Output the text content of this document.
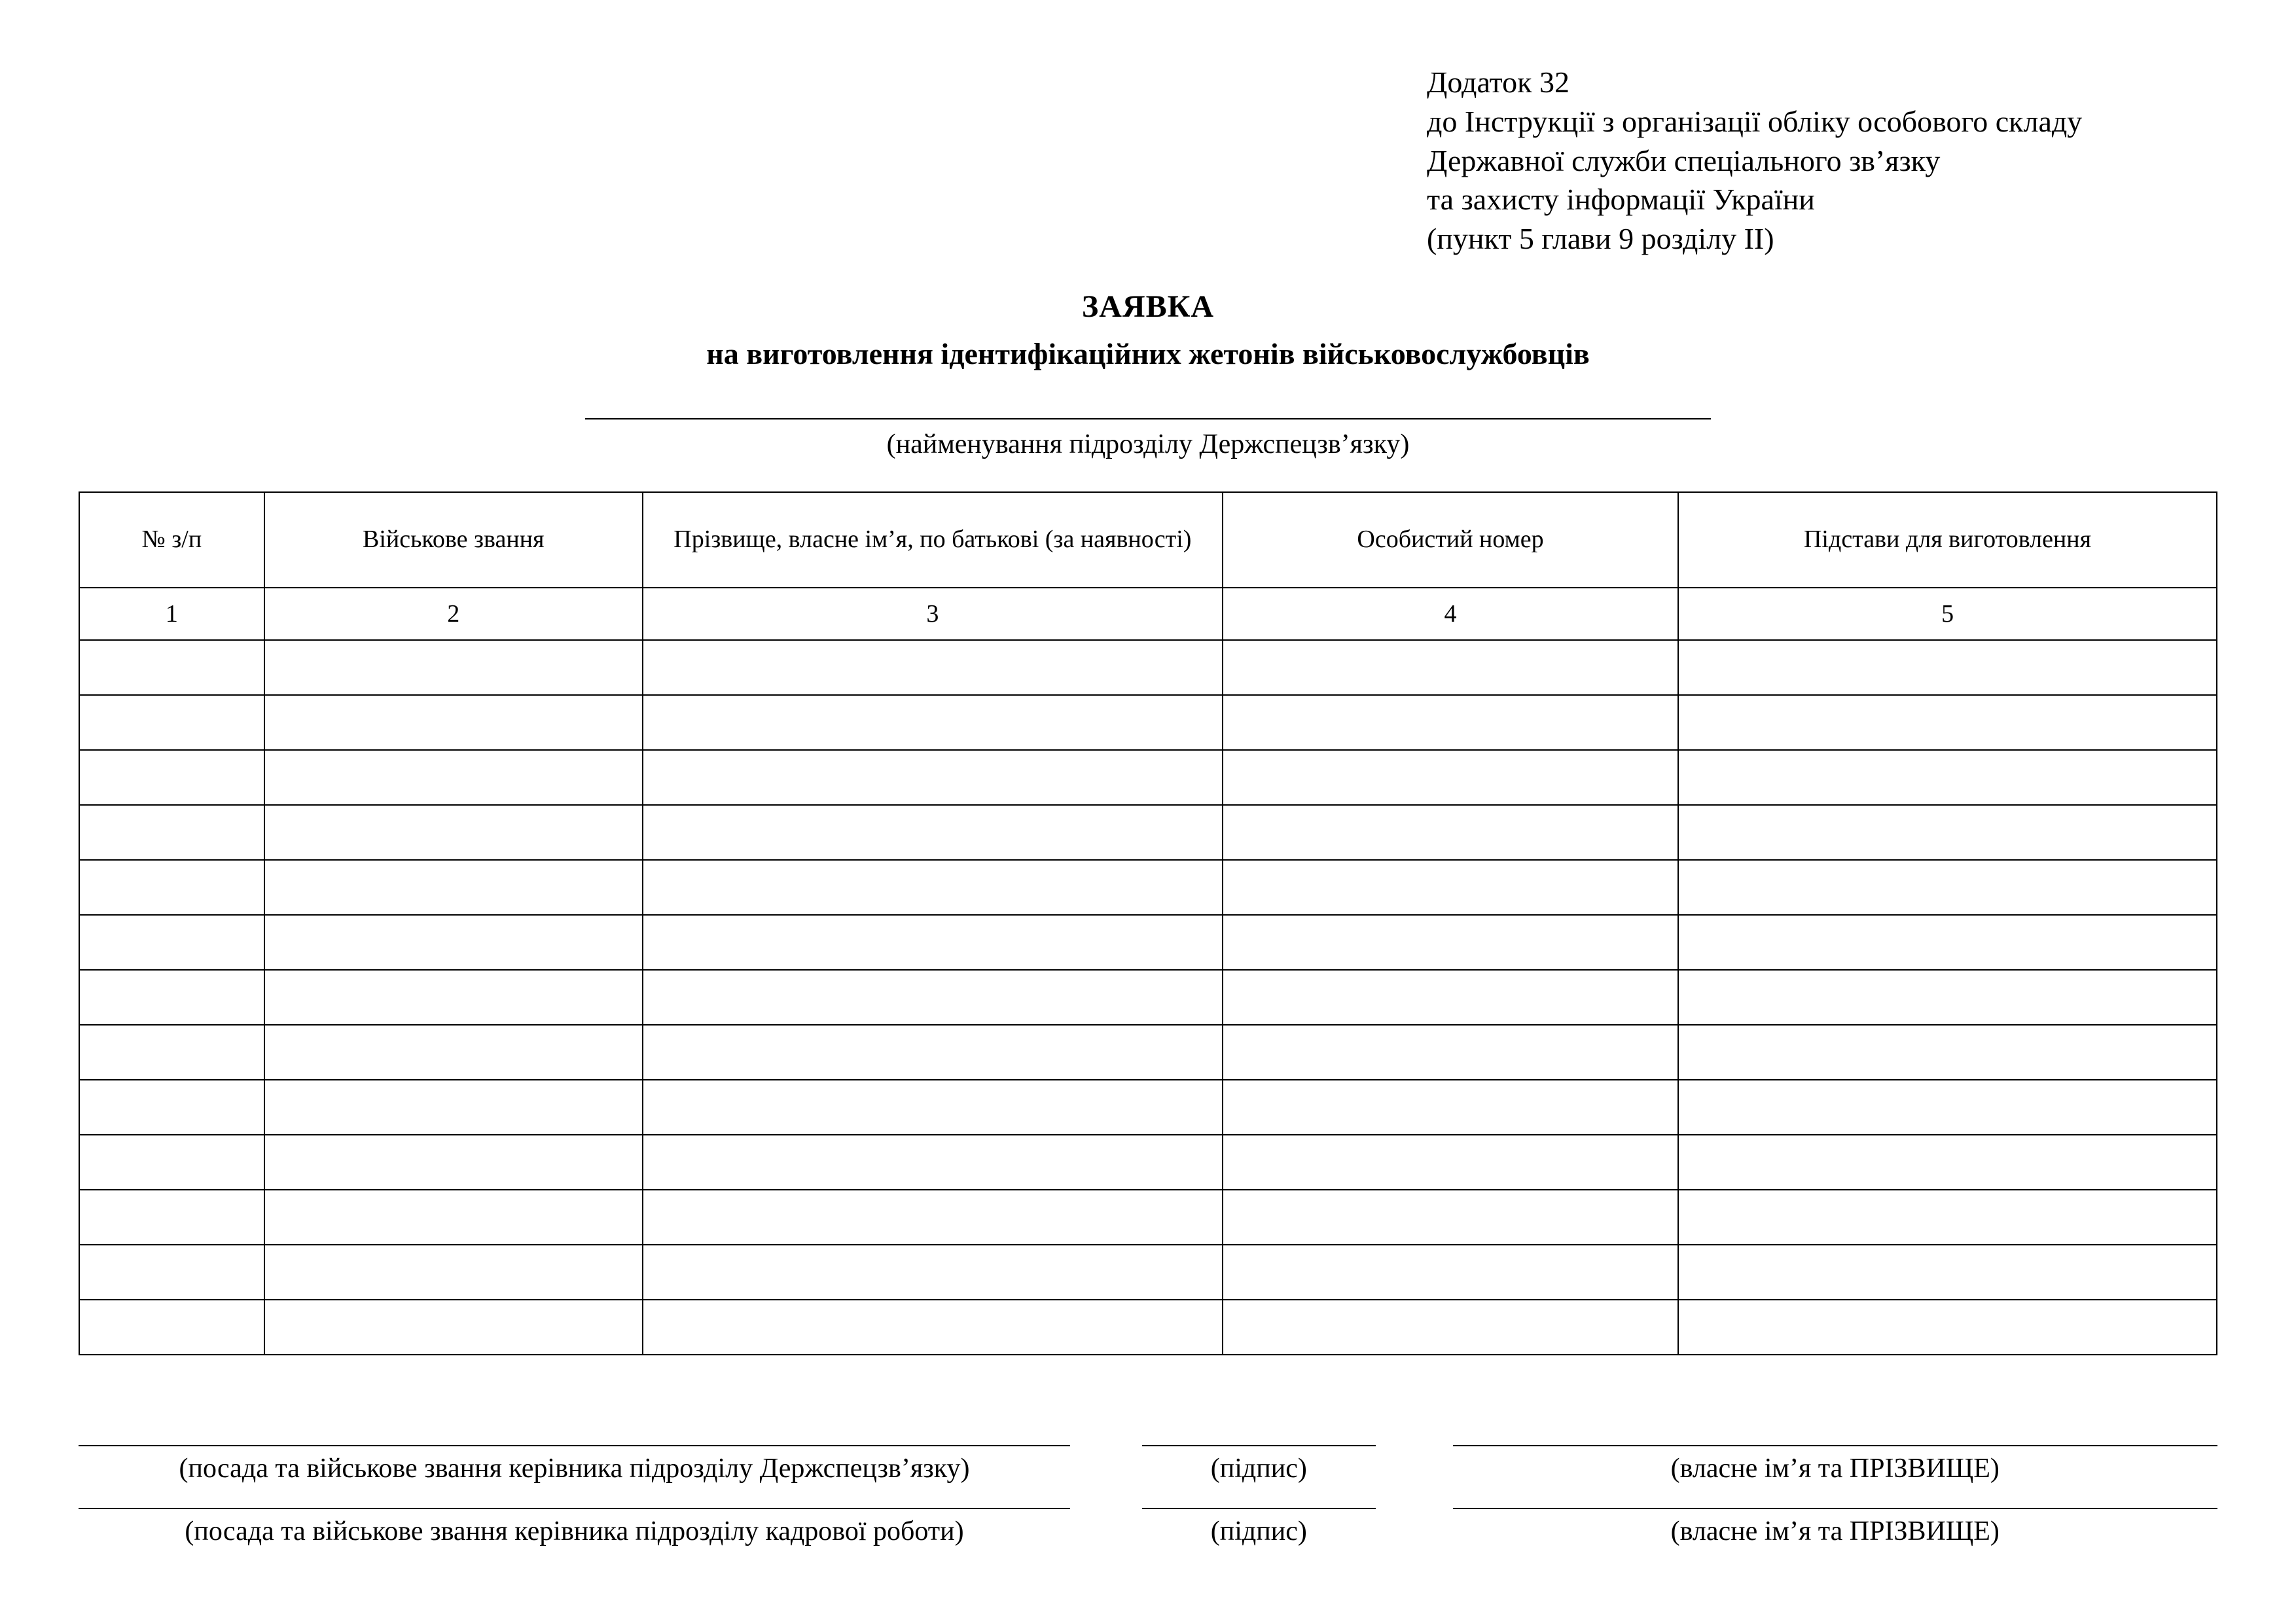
Додаток 32
до Інструкції з організації обліку особового складу
Державної служби спеціального зв’язку
та захисту інформації України
(пункт 5 глави 9 розділу II)
ЗАЯВКА
на виготовлення ідентифікаційних жетонів військовослужбовців
(найменування підрозділу Держспецзв’язку)
№ з/п	Військове звання	Прізвище, власне ім’я, по батькові (за наявності)	Особистий номер	Підстави для виготовлення
1	2	3	4	5

(посада та військове звання керівника підрозділу Держспецзв’язку)	(підпис)	(власне ім’я та ПРІЗВИЩЕ)
(посада та військове звання керівника підрозділу кадрової роботи)	(підпис)	(власне ім’я та ПРІЗВИЩЕ)
